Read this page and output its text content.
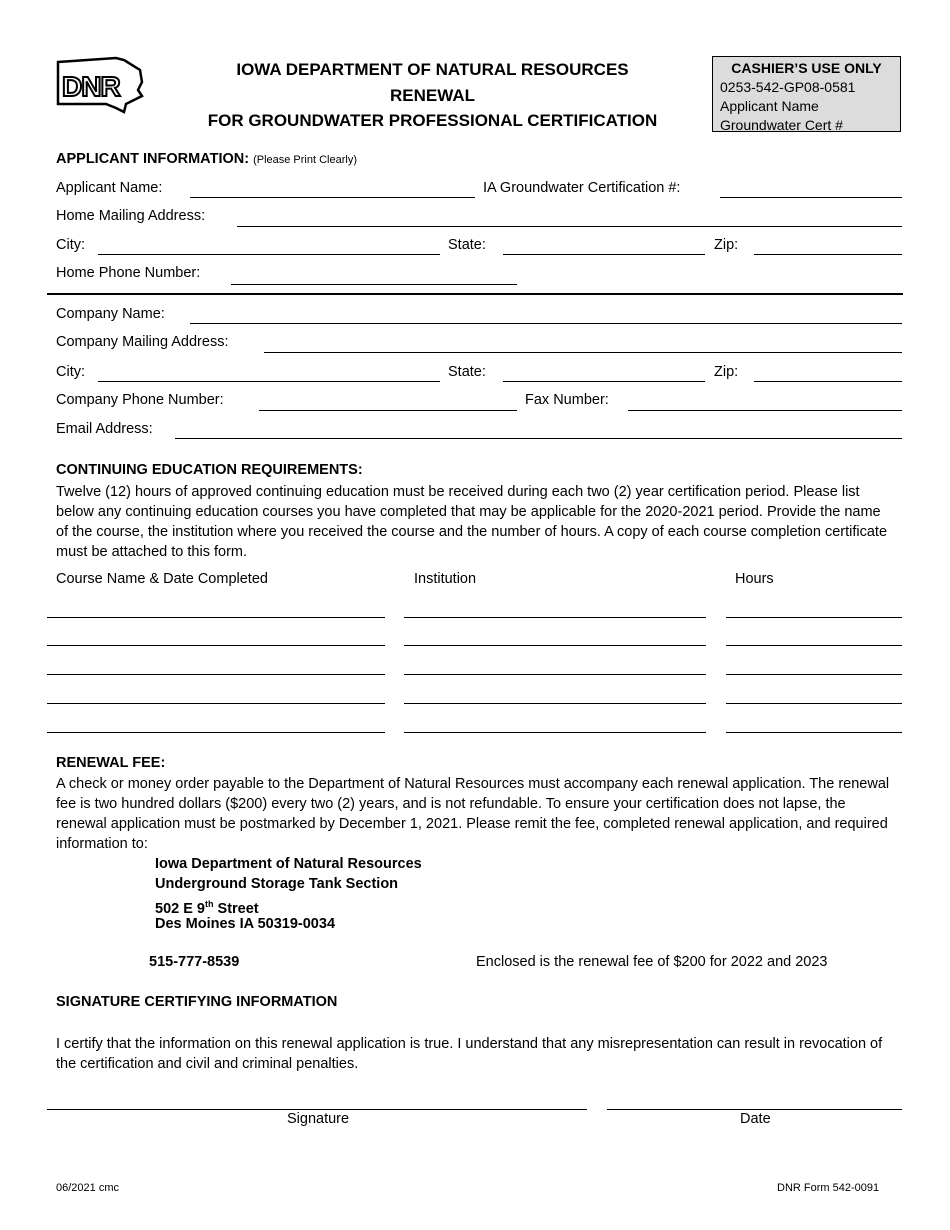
DNR
IOWA DEPARTMENT OF NATURAL RESOURCES
RENEWAL
FOR GROUNDWATER PROFESSIONAL CERTIFICATION
CASHIER’S USE ONLY
0253-542-GP08-0581
Applicant Name
Groundwater Cert #
APPLICANT INFORMATION: (Please Print Clearly)
Applicant Name:	IA Groundwater Certification #:
Home Mailing Address:
City:	State:	Zip:
Home Phone Number:
Company Name:
Company Mailing Address:
City:	State:	Zip:
Company Phone Number:	Fax Number:
Email Address:
CONTINUING EDUCATION REQUIREMENTS:
Twelve (12) hours of approved continuing education must be received during each two (2) year certification period. Please list below any continuing education courses you have completed that may be applicable for the 2020-2021 period. Provide the name of the course, the institution where you received the course and the number of hours. A copy of each course completion certificate must be attached to this form.
Course Name & Date Completed	Institution	Hours
RENEWAL FEE:
A check or money order payable to the Department of Natural Resources must accompany each renewal application. The renewal fee is two hundred dollars ($200) every two (2) years, and is not refundable. To ensure your certification does not lapse, the renewal application must be postmarked by December 1, 2021. Please remit the fee, completed renewal application, and required information to:
Iowa Department of Natural Resources
Underground Storage Tank Section
502 E 9th Street
Des Moines IA 50319-0034
515-777-8539	Enclosed is the renewal fee of $200 for 2022 and 2023
SIGNATURE CERTIFYING INFORMATION
I certify that the information on this renewal application is true. I understand that any misrepresentation can result in revocation of the certification and civil and criminal penalties.
Signature	Date
06/2021 cmc	DNR Form 542-0091
